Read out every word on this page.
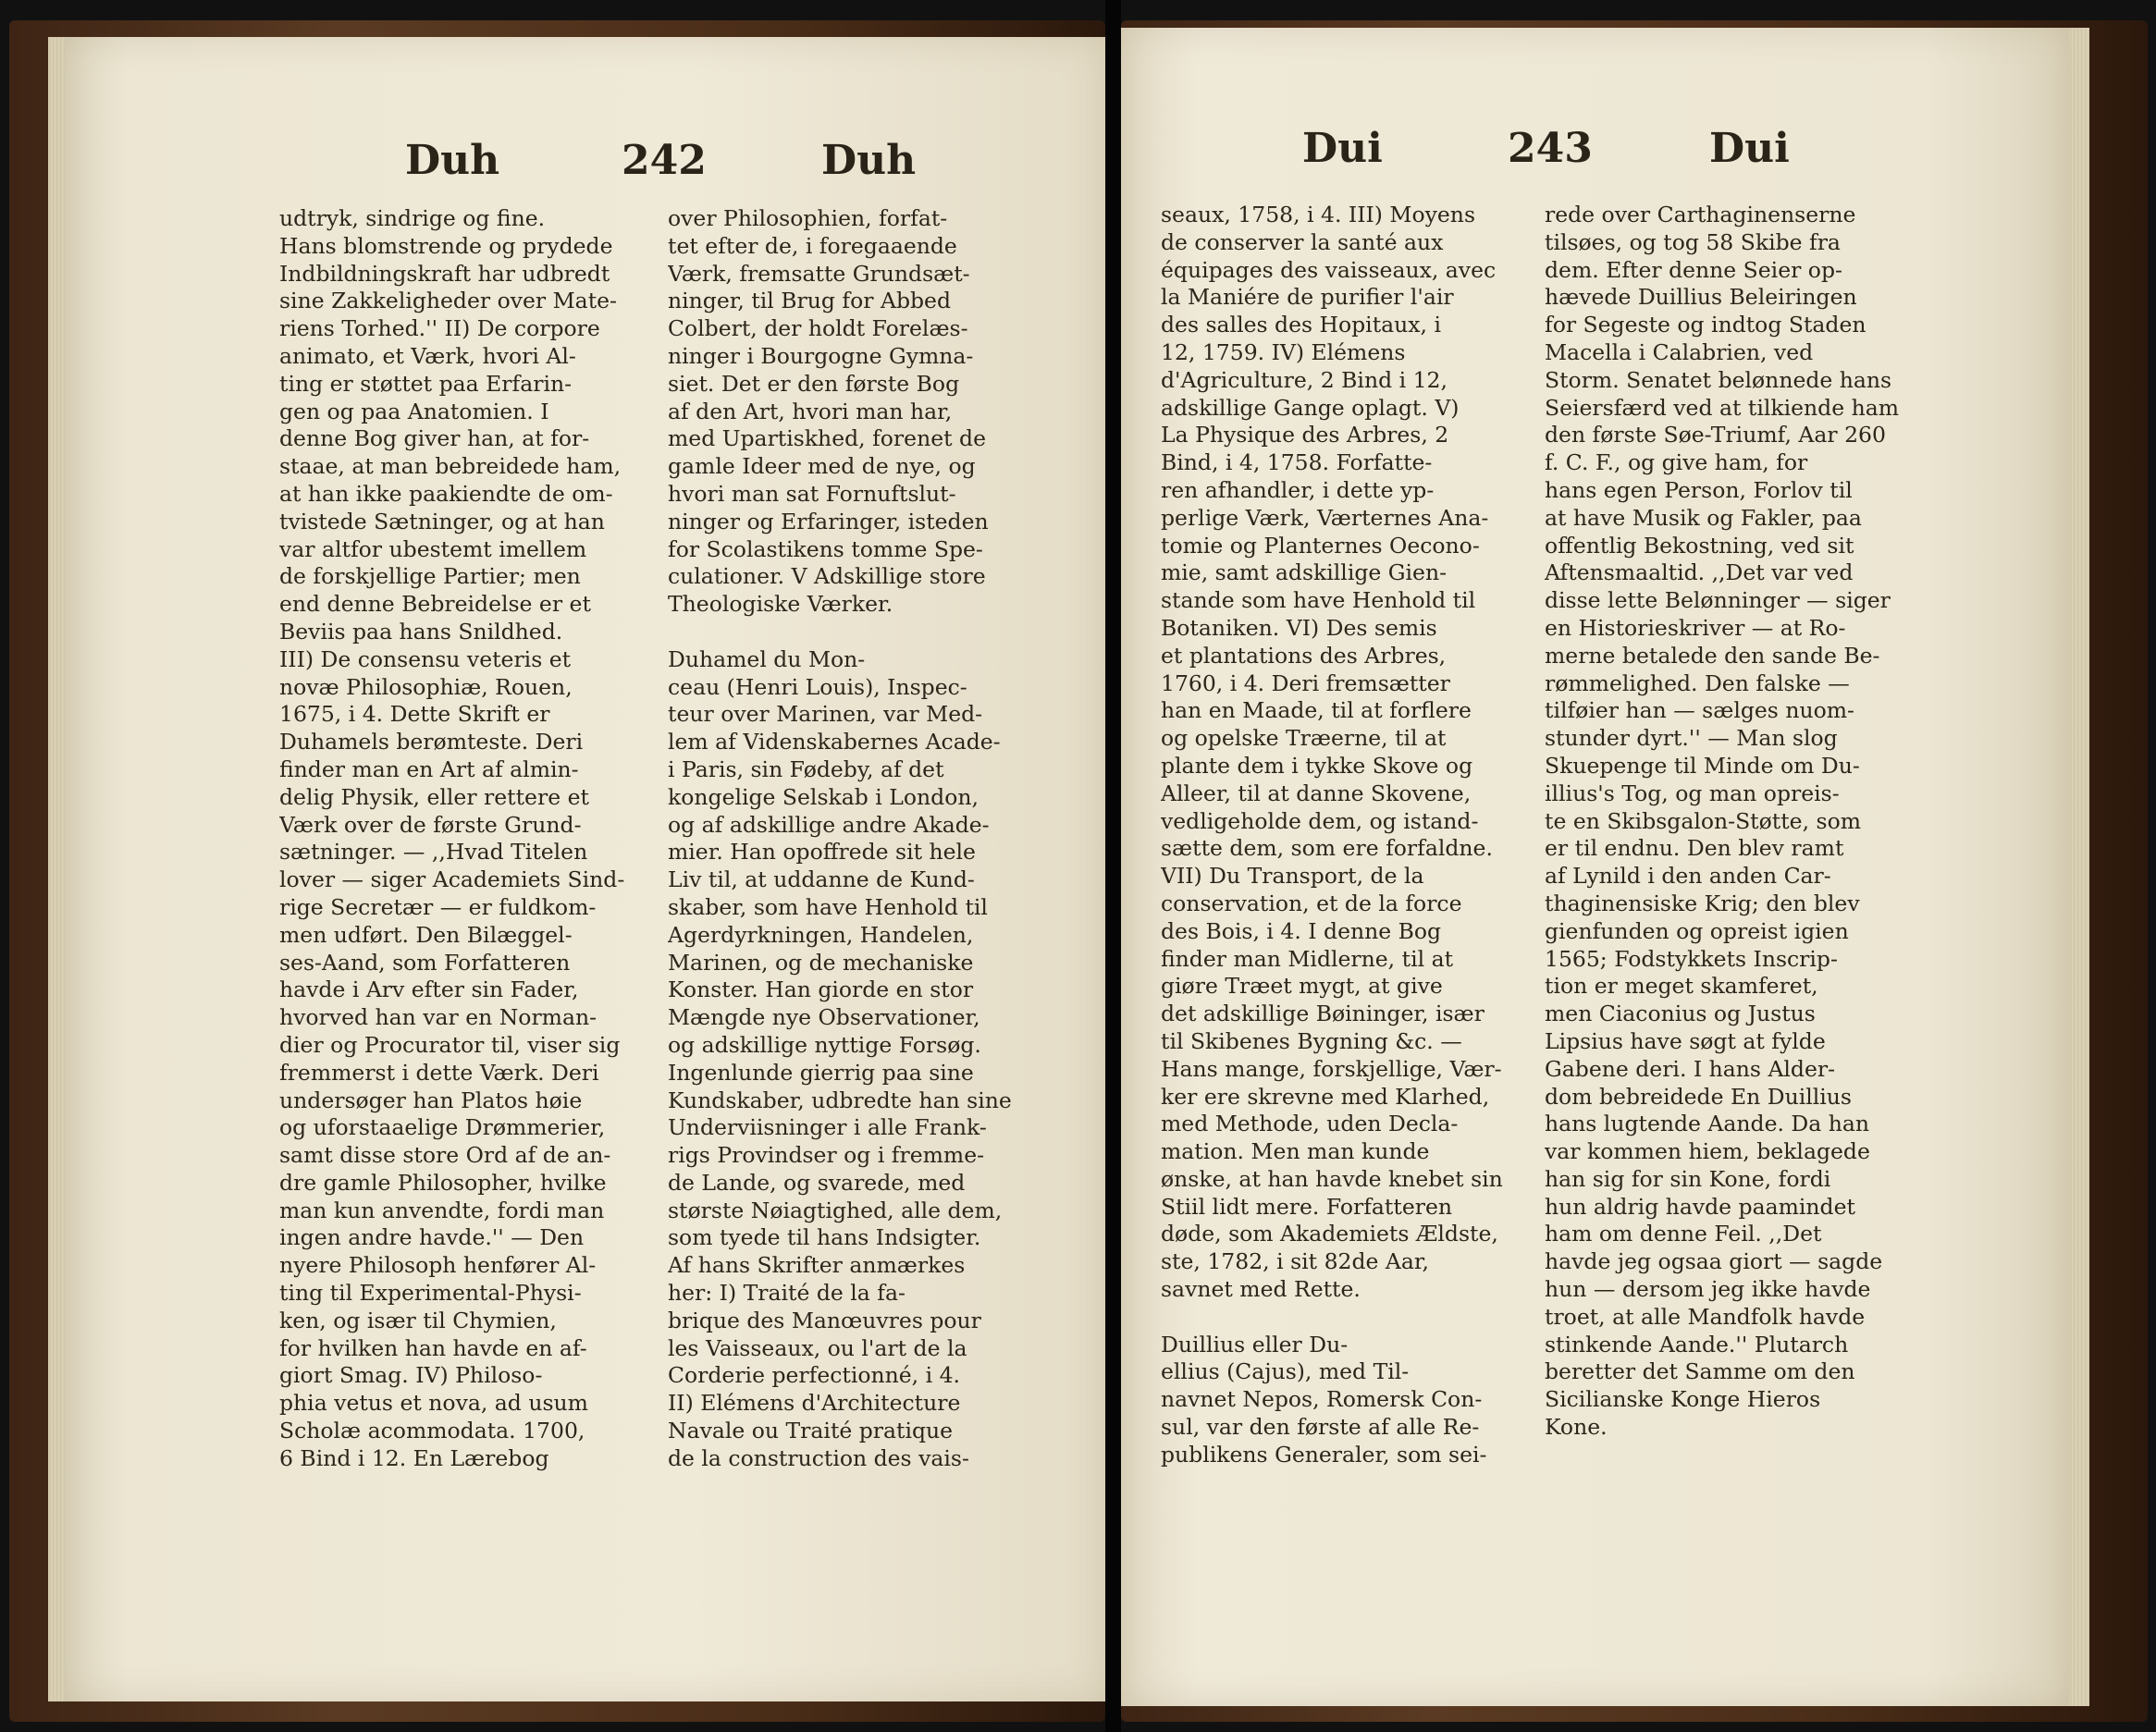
Duh	242	Duh	Dui	243	Dui
udtryk, sindrige og fine.
Hans blomstrende og prydede
Indbildningskraft har udbredt
sine Zakkeligheder over Mate-
riens Torhed.'' II) De corpore
animato, et Værk, hvori Al-
ting er støttet paa Erfarin-
gen og paa Anatomien. I
denne Bog giver han, at for-
staae, at man bebreidede ham,
at han ikke paakiendte de om-
tvistede Sætninger, og at han
var altfor ubestemt imellem
de forskjellige Partier; men
end denne Bebreidelse er et
Beviis paa hans Snildhed.
III) De consensu veteris et
novæ Philosophiæ, Rouen,
1675, i 4. Dette Skrift er
Duhamels berømteste. Deri
finder man en Art af almin-
delig Physik, eller rettere et
Værk over de første Grund-
sætninger. — ,,Hvad Titelen
lover — siger Academiets Sind-
rige Secretær — er fuldkom-
men udført. Den Bilæggel-
ses-Aand, som Forfatteren
havde i Arv efter sin Fader,
hvorved han var en Norman-
dier og Procurator til, viser sig
fremmerst i dette Værk. Deri
undersøger han Platos høie
og uforstaaelige Drømmerier,
samt disse store Ord af de an-
dre gamle Philosopher, hvilke
man kun anvendte, fordi man
ingen andre havde.'' — Den
nyere Philosoph henfører Al-
ting til Experimental-Physi-
ken, og især til Chymien,
for hvilken han havde en af-
giort Smag. IV) Philoso-
phia vetus et nova, ad usum
Scholæ acommodata. 1700,
6 Bind i 12. En Lærebog
over Philosophien, forfat-
tet efter de, i foregaaende
Værk, fremsatte Grundsæt-
ninger, til Brug for Abbed
Colbert, der holdt Forelæs-
ninger i Bourgogne Gymna-
siet. Det er den første Bog
af den Art, hvori man har,
med Upartiskhed, forenet de
gamle Ideer med de nye, og
hvori man sat Fornuftslut-
ninger og Erfaringer, isteden
for Scolastikens tomme Spe-
culationer. V Adskillige store
Theologiske Værker.
Duhamel du Mon-
ceau (Henri Louis), Inspec-
teur over Marinen, var Med-
lem af Videnskabernes Acade-
i Paris, sin Fødeby, af det
kongelige Selskab i London,
og af adskillige andre Akade-
mier. Han opoffrede sit hele
Liv til, at uddanne de Kund-
skaber, som have Henhold til
Agerdyrkningen, Handelen,
Marinen, og de mechaniske
Konster. Han giorde en stor
Mængde nye Observationer,
og adskillige nyttige Forsøg.
Ingenlunde gierrig paa sine
Kundskaber, udbredte han sine
Underviisninger i alle Frank-
rigs Provindser og i fremme-
de Lande, og svarede, med
største Nøiagtighed, alle dem,
som tyede til hans Indsigter.
Af hans Skrifter anmærkes
her: I) Traité de la fa-
brique des Manœuvres pour
les Vaisseaux, ou l'art de la
Corderie perfectionné, i 4.
II) Elémens d'Architecture
Navale ou Traité pratique
de la construction des vais-
seaux, 1758, i 4. III) Moyens
de conserver la santé aux
équipages des vaisseaux, avec
la Maniére de purifier l'air
des salles des Hopitaux, i
12, 1759. IV) Elémens
d'Agriculture, 2 Bind i 12,
adskillige Gange oplagt. V)
La Physique des Arbres, 2
Bind, i 4, 1758. Forfatte-
ren afhandler, i dette yp-
perlige Værk, Værternes Ana-
tomie og Planternes Oecono-
mie, samt adskillige Gien-
stande som have Henhold til
Botaniken. VI) Des semis
et plantations des Arbres,
1760, i 4. Deri fremsætter
han en Maade, til at forflere
og opelske Træerne, til at
plante dem i tykke Skove og
Alleer, til at danne Skovene,
vedligeholde dem, og istand-
sætte dem, som ere forfaldne.
VII) Du Transport, de la
conservation, et de la force
des Bois, i 4. I denne Bog
finder man Midlerne, til at
giøre Træet mygt, at give
det adskillige Bøininger, især
til Skibenes Bygning &c. —
Hans mange, forskjellige, Vær-
ker ere skrevne med Klarhed,
med Methode, uden Decla-
mation. Men man kunde
ønske, at han havde knebet sin
Stiil lidt mere. Forfatteren
døde, som Akademiets Ældste,
ste, 1782, i sit 82de Aar,
savnet med Rette.
Duillius eller Du-
ellius (Cajus), med Til-
navnet Nepos, Romersk Con-
sul, var den første af alle Re-
publikens Generaler, som sei-
rede over Carthaginenserne
tilsøes, og tog 58 Skibe fra
dem. Efter denne Seier op-
hævede Duillius Beleiringen
for Segeste og indtog Staden
Macella i Calabrien, ved
Storm. Senatet belønnede hans
Seiersfærd ved at tilkiende ham
den første Søe-Triumf, Aar 260
f. C. F., og give ham, for
hans egen Person, Forlov til
at have Musik og Fakler, paa
offentlig Bekostning, ved sit
Aftensmaaltid. ,,Det var ved
disse lette Belønninger — siger
en Historieskriver — at Ro-
merne betalede den sande Be-
rømmelighed. Den falske —
tilføier han — sælges nuom-
stunder dyrt.'' — Man slog
Skuepenge til Minde om Du-
illius's Tog, og man opreis-
te en Skibsgalon-Støtte, som
er til endnu. Den blev ramt
af Lynild i den anden Car-
thaginensiske Krig; den blev
gienfunden og opreist igien
1565; Fodstykkets Inscrip-
tion er meget skamferet,
men Ciaconius og Justus
Lipsius have søgt at fylde
Gabene deri. I hans Alder-
dom bebreidede En Duillius
hans lugtende Aande. Da han
var kommen hiem, beklagede
han sig for sin Kone, fordi
hun aldrig havde paamindet
ham om denne Feil. ,,Det
havde jeg ogsaa giort — sagde
hun — dersom jeg ikke havde
troet, at alle Mandfolk havde
stinkende Aande.'' Plutarch
beretter det Samme om den
Sicilianske Konge Hieros
Kone.
